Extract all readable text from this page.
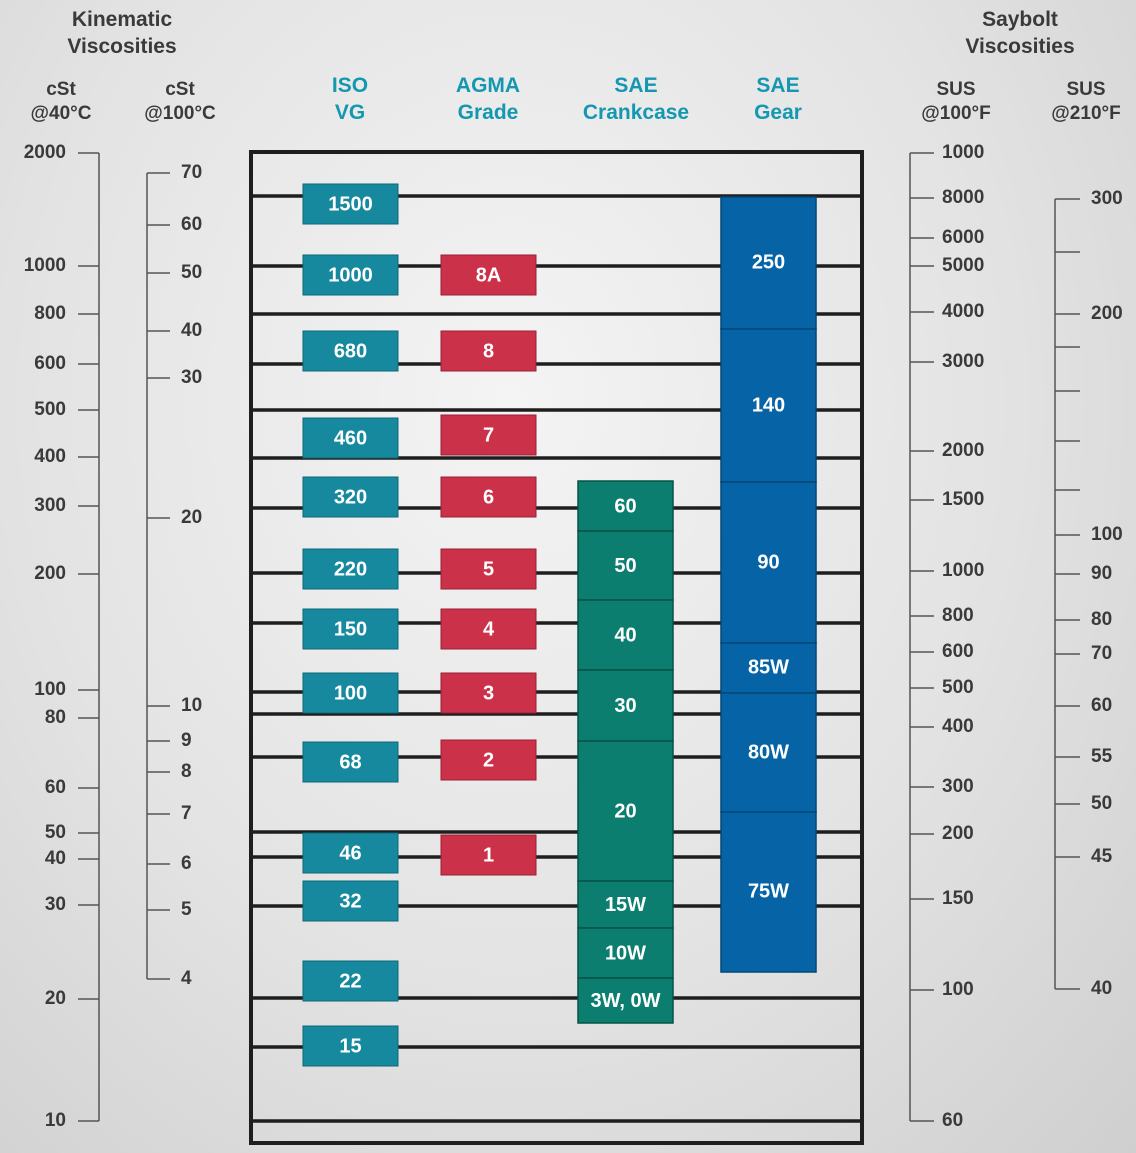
Kinematic
Viscosities
Saybolt
Viscosities
cSt
@40°C
cSt
@100°C
ISO
VG
AGMA
Grade
SAE
Crankcase
SAE
Gear
SUS
@100°F
SUS
@210°F
2000
1000
800
600
500
400
300
200
100
80
60
50
40
30
20
10
70
60
50
40
30
20
10
9
8
7
6
5
4
1000
8000
6000
5000
4000
3000
2000
1500
1000
800
600
500
400
300
200
150
100
60
300
200
100
90
80
70
60
55
50
45
40
1500
1000
680
460
320
220
150
100
68
46
32
22
15
8A
8
7
6
5
4
3
2
1
60
50
40
30
20
15W
10W
3W, 0W
250
140
90
85W
80W
75W
